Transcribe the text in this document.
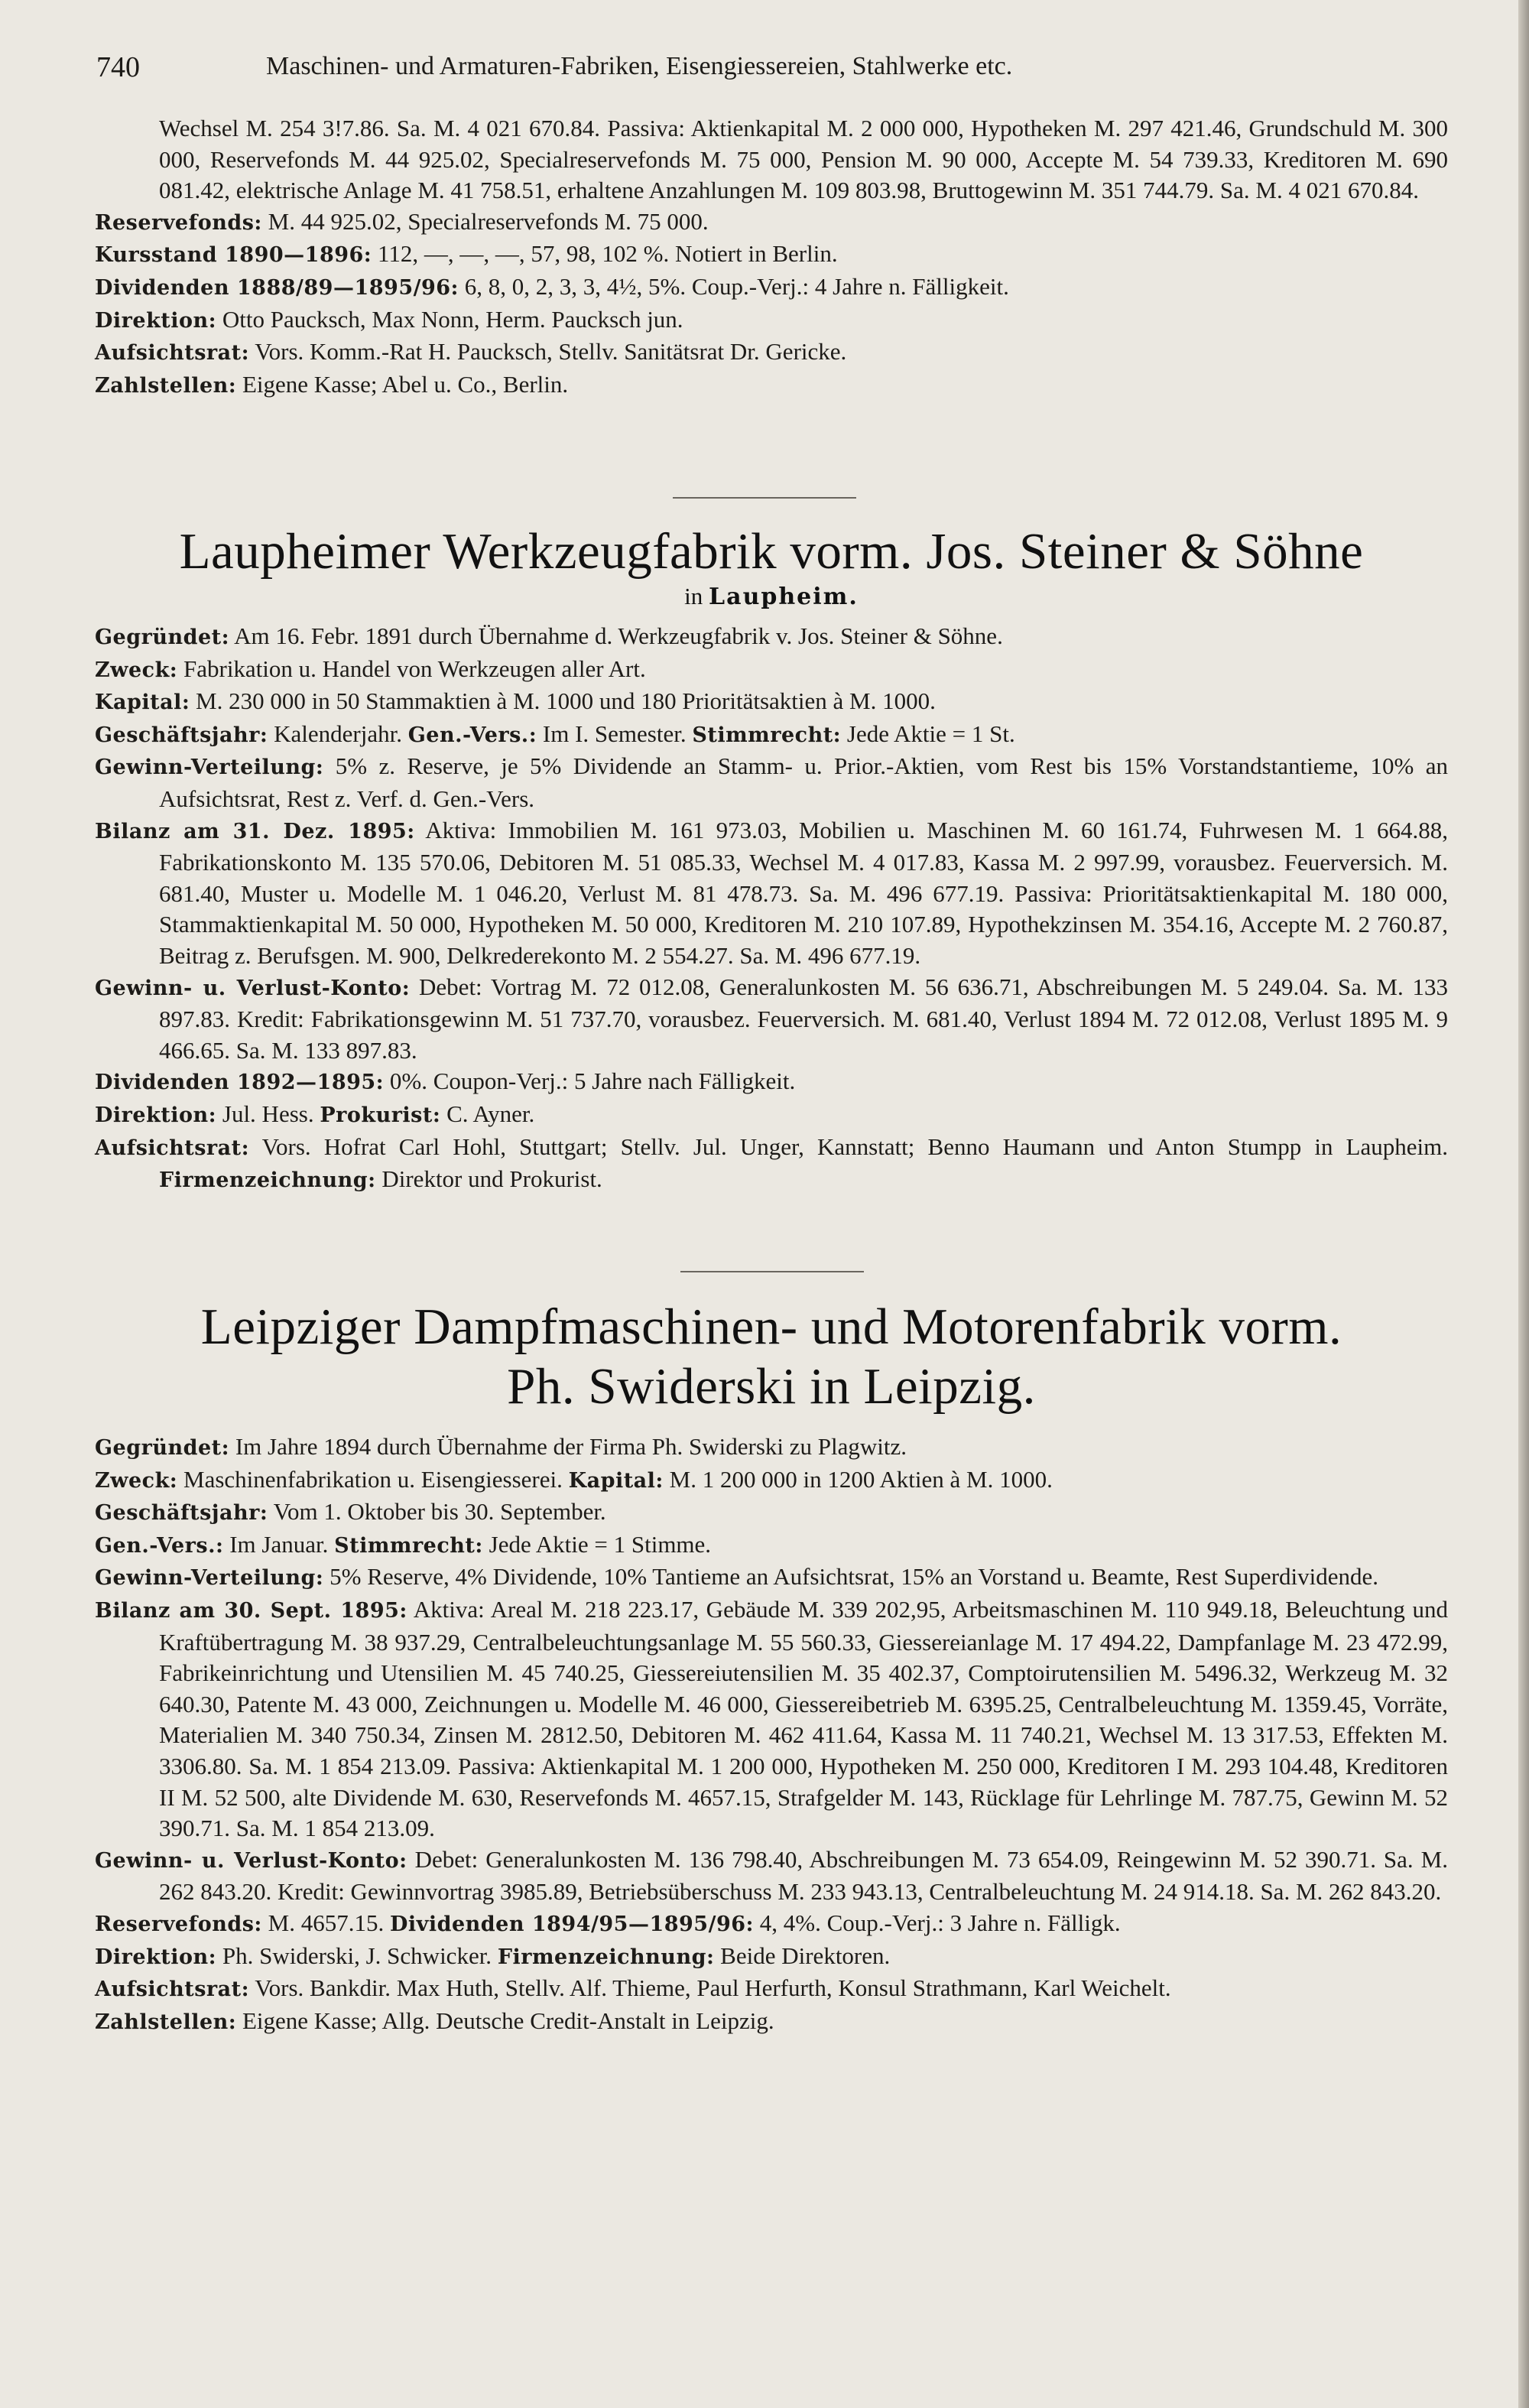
740	Maschinen- und Armaturen-Fabriken, Eisengiessereien, Stahlwerke etc.

Wechsel M. 254 3!7.86. Sa. M. 4 021 670.84. Passiva: Aktienkapital M. 2 000 000, Hypotheken M. 297 421.46, Grundschuld M. 300 000, Reservefonds M. 44 925.02, Specialreservefonds M. 75 000, Pension M. 90 000, Accepte M. 54 739.33, Kreditoren M. 690 081.42, elektrische Anlage M. 41 758.51, erhaltene Anzahlungen M. 109 803.98, Bruttogewinn M. 351 744.79. Sa. M. 4 021 670.84.

Reservefonds: M. 44 925.02, Specialreservefonds M. 75 000.

Kursstand 1890—1896: 112, —, —, —, 57, 98, 102 %. Notiert in Berlin.

Dividenden 1888/89—1895/96: 6, 8, 0, 2, 3, 3, 4½, 5%. Coup.-Verj.: 4 Jahre n. Fälligkeit.

Direktion: Otto Paucksch, Max Nonn, Herm. Paucksch jun.

Aufsichtsrat: Vors. Komm.-Rat H. Paucksch, Stellv. Sanitätsrat Dr. Gericke.

Zahlstellen: Eigene Kasse; Abel u. Co., Berlin.

Laupheimer Werkzeugfabrik vorm. Jos. Steiner & Söhne
in Laupheim.

Gegründet: Am 16. Febr. 1891 durch Übernahme d. Werkzeugfabrik v. Jos. Steiner & Söhne.

Zweck: Fabrikation u. Handel von Werkzeugen aller Art.

Kapital: M. 230 000 in 50 Stammaktien à M. 1000 und 180 Prioritätsaktien à M. 1000.

Geschäftsjahr: Kalenderjahr. Gen.-Vers.: Im I. Semester. Stimmrecht: Jede Aktie = 1 St.

Gewinn-Verteilung: 5% z. Reserve, je 5% Dividende an Stamm- u. Prior.-Aktien, vom Rest bis 15% Vorstandstantieme, 10% an Aufsichtsrat, Rest z. Verf. d. Gen.-Vers.

Bilanz am 31. Dez. 1895: Aktiva: Immobilien M. 161 973.03, Mobilien u. Maschinen M. 60 161.74, Fuhrwesen M. 1 664.88, Fabrikationskonto M. 135 570.06, Debitoren M. 51 085.33, Wechsel M. 4 017.83, Kassa M. 2 997.99, vorausbez. Feuerversich. M. 681.40, Muster u. Modelle M. 1 046.20, Verlust M. 81 478.73. Sa. M. 496 677.19. Passiva: Prioritätsaktienkapital M. 180 000, Stammaktienkapital M. 50 000, Hypotheken M. 50 000, Kreditoren M. 210 107.89, Hypothekzinsen M. 354.16, Accepte M. 2 760.87, Beitrag z. Berufsgen. M. 900, Delkrederekonto M. 2 554.27. Sa. M. 496 677.19.

Gewinn- u. Verlust-Konto: Debet: Vortrag M. 72 012.08, Generalunkosten M. 56 636.71, Abschreibungen M. 5 249.04. Sa. M. 133 897.83. Kredit: Fabrikationsgewinn M. 51 737.70, vorausbez. Feuerversich. M. 681.40, Verlust 1894 M. 72 012.08, Verlust 1895 M. 9 466.65. Sa. M. 133 897.83.

Dividenden 1892—1895: 0%. Coupon-Verj.: 5 Jahre nach Fälligkeit.

Direktion: Jul. Hess. Prokurist: C. Ayner.

Aufsichtsrat: Vors. Hofrat Carl Hohl, Stuttgart; Stellv. Jul. Unger, Kannstatt; Benno Haumann und Anton Stumpp in Laupheim. Firmenzeichnung: Direktor und Prokurist.

Leipziger Dampfmaschinen- und Motorenfabrik vorm.
Ph. Swiderski in Leipzig.

Gegründet: Im Jahre 1894 durch Übernahme der Firma Ph. Swiderski zu Plagwitz.

Zweck: Maschinenfabrikation u. Eisengiesserei. Kapital: M. 1 200 000 in 1200 Aktien à M. 1000.

Geschäftsjahr: Vom 1. Oktober bis 30. September.

Gen.-Vers.: Im Januar. Stimmrecht: Jede Aktie = 1 Stimme.

Gewinn-Verteilung: 5% Reserve, 4% Dividende, 10% Tantieme an Aufsichtsrat, 15% an Vorstand u. Beamte, Rest Superdividende.

Bilanz am 30. Sept. 1895: Aktiva: Areal M. 218 223.17, Gebäude M. 339 202,95, Arbeitsmaschinen M. 110 949.18, Beleuchtung und Kraftübertragung M. 38 937.29, Centralbeleuchtungsanlage M. 55 560.33, Giessereianlage M. 17 494.22, Dampfanlage M. 23 472.99, Fabrikeinrichtung und Utensilien M. 45 740.25, Giessereiutensilien M. 35 402.37, Comptoirutensilien M. 5496.32, Werkzeug M. 32 640.30, Patente M. 43 000, Zeichnungen u. Modelle M. 46 000, Giessereibetrieb M. 6395.25, Centralbeleuchtung M. 1359.45, Vorräte, Materialien M. 340 750.34, Zinsen M. 2812.50, Debitoren M. 462 411.64, Kassa M. 11 740.21, Wechsel M. 13 317.53, Effekten M. 3306.80. Sa. M. 1 854 213.09. Passiva: Aktienkapital M. 1 200 000, Hypotheken M. 250 000, Kreditoren I M. 293 104.48, Kreditoren II M. 52 500, alte Dividende M. 630, Reservefonds M. 4657.15, Strafgelder M. 143, Rücklage für Lehrlinge M. 787.75, Gewinn M. 52 390.71. Sa. M. 1 854 213.09.

Gewinn- u. Verlust-Konto: Debet: Generalunkosten M. 136 798.40, Abschreibungen M. 73 654.09, Reingewinn M. 52 390.71. Sa. M. 262 843.20. Kredit: Gewinnvortrag 3985.89, Betriebsüberschuss M. 233 943.13, Centralbeleuchtung M. 24 914.18. Sa. M. 262 843.20.

Reservefonds: M. 4657.15. Dividenden 1894/95—1895/96: 4, 4%. Coup.-Verj.: 3 Jahre n. Fälligk.

Direktion: Ph. Swiderski, J. Schwicker. Firmenzeichnung: Beide Direktoren.

Aufsichtsrat: Vors. Bankdir. Max Huth, Stellv. Alf. Thieme, Paul Herfurth, Konsul Strathmann, Karl Weichelt.

Zahlstellen: Eigene Kasse; Allg. Deutsche Credit-Anstalt in Leipzig.
